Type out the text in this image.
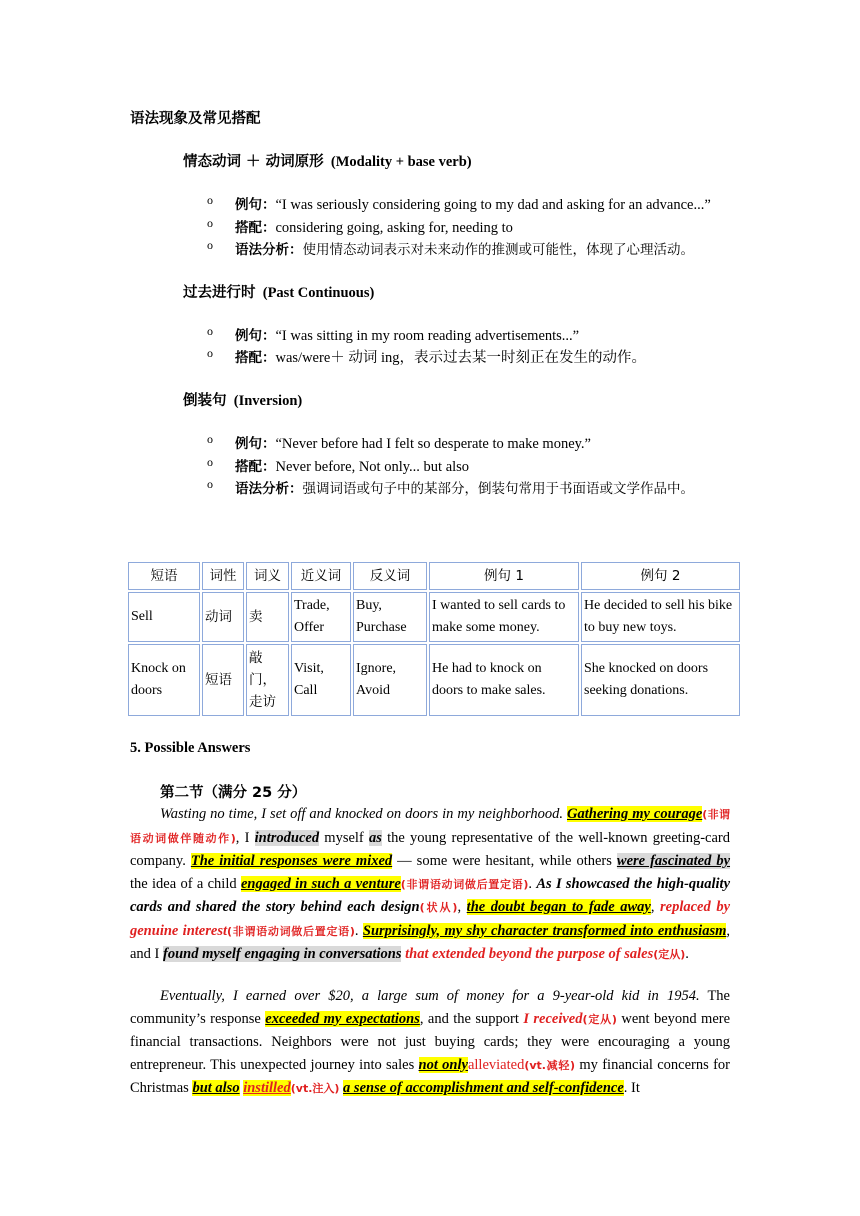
语法现象及常见搭配
情态动词 ＋ 动词原形 (Modality + base verb)
o 例句：“I was seriously considering going to my dad and asking for an advance...”
o 搭配：considering going, asking for, needing to
o 语法分析：使用情态动词表示对未来动作的推测或可能性，体现了心理活动。
过去进行时 (Past Continuous)
o 例句：“I was sitting in my room reading advertisements...”
o 搭配：was/were＋ 动词 ing，表示过去某一时刻正在发生的动作。
倒装句 (Inversion)
o 例句：“Never before had I felt so desperate to make money.”
o 搭配：Never before, Not only... but also
o 语法分析：强调词语或句子中的某部分，倒装句常用于书面语或文学作品中。
短语	词性	词义	近义词	反义词	例句 1	例句 2
Sell	动词	卖	Trade, Offer	Buy, Purchase	I wanted to sell cards to make some money.	He decided to sell his bike to buy new toys.
Knock on doors	短语	敲门，走访	Visit, Call	Ignore, Avoid	He had to knock on doors to make sales.	She knocked on doors seeking donations.
5. Possible Answers
第二节（满分 25 分）
Wasting no time, I set off and knocked on doors in my neighborhood. Gathering my courage(非谓语动词做伴随动作), I introduced myself as the young representative of the well-known greeting-card company. The initial responses were mixed — some were hesitant, while others were fascinated by the idea of a child engaged in such a venture(非谓语动词做后置定语). As I showcased the high-quality cards and shared the story behind each design(状从), the doubt began to fade away, replaced by genuine interest(非谓语动词做后置定语). Surprisingly, my shy character transformed into enthusiasm, and I found myself engaging in conversations that extended beyond the purpose of sales(定从).
Eventually, I earned over $20, a large sum of money for a 9-year-old kid in 1954. The community’s response exceeded my expectations, and the support I received(定从) went beyond mere financial transactions. Neighbors were not just buying cards; they were encouraging a young entrepreneur. This unexpected journey into sales not onlyalleviated(vt.减轻) my financial concerns for Christmas but also instilled(vt.注入) a sense of accomplishment and self-confidence. It
